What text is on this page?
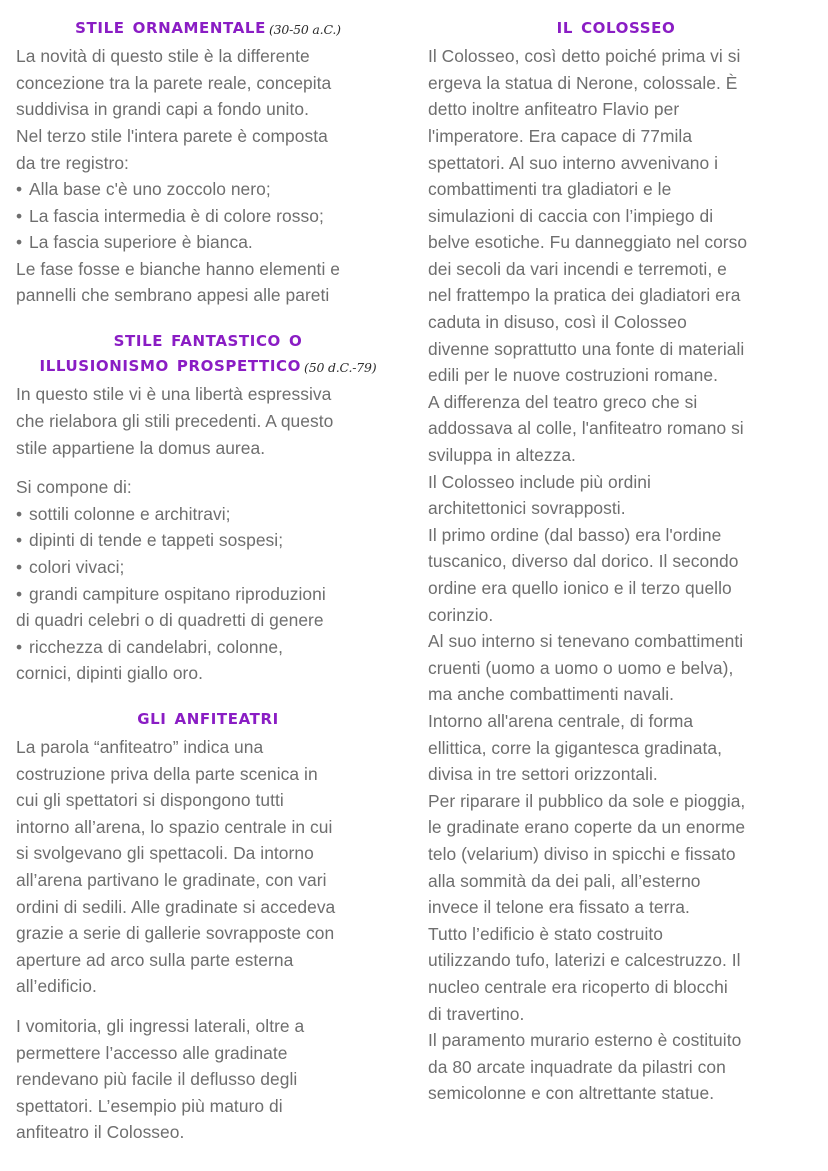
stile ornamentale (30-50 a.C.)
La novità di questo stile è la differente
concezione tra la parete reale, concepita
suddivisa in grandi capi a fondo unito.
Nel terzo stile l'intera parete è composta
da tre registro:
• Alla base c'è uno zoccolo nero;
• La fascia intermedia è di colore rosso;
• La fascia superiore è bianca.
Le fase fosse e bianche hanno elementi e
pannelli che sembrano appesi alle pareti
stile fantastico o
illusionismo prospettico (50 d.C.-79)
In questo stile vi è una libertà espressiva
che rielabora gli stili precedenti. A questo
stile appartiene la domus aurea.
Si compone di:
• sottili colonne e architravi;
• dipinti di tende e tappeti sospesi;
• colori vivaci;
• grandi campiture ospitano riproduzioni
di quadri celebri o di quadretti di genere
• ricchezza di candelabri, colonne,
cornici, dipinti giallo oro.
gli anfiteatri
La parola “anfiteatro” indica una
costruzione priva della parte scenica in
cui gli spettatori si dispongono tutti
intorno all’arena, lo spazio centrale in cui
si svolgevano gli spettacoli. Da intorno
all’arena partivano le gradinate, con vari
ordini di sedili. Alle gradinate si accedeva
grazie a serie di gallerie sovrapposte con
aperture ad arco sulla parte esterna
all’edificio.
I vomitoria, gli ingressi laterali, oltre a
permettere l’accesso alle gradinate
rendevano più facile il deflusso degli
spettatori. L’esempio più maturo di
anfiteatro il Colosseo.
il colosseo
Il Colosseo, così detto poiché prima vi si
ergeva la statua di Nerone, colossale. È
detto inoltre anfiteatro Flavio per
l'imperatore. Era capace di 77mila
spettatori. Al suo interno avvenivano i
combattimenti tra gladiatori e le
simulazioni di caccia con l’impiego di
belve esotiche. Fu danneggiato nel corso
dei secoli da vari incendi e terremoti, e
nel frattempo la pratica dei gladiatori era
caduta in disuso, così il Colosseo
divenne soprattutto una fonte di materiali
edili per le nuove costruzioni romane.
A differenza del teatro greco che si
addossava al colle, l'anfiteatro romano si
sviluppa in altezza.
Il Colosseo include più ordini
architettonici sovrapposti.
Il primo ordine (dal basso) era l'ordine
tuscanico, diverso dal dorico. Il secondo
ordine era quello ionico e il terzo quello
corinzio.
Al suo interno si tenevano combattimenti
cruenti (uomo a uomo o uomo e belva),
ma anche combattimenti navali.
Intorno all'arena centrale, di forma
ellittica, corre la gigantesca gradinata,
divisa in tre settori orizzontali.
Per riparare il pubblico da sole e pioggia,
le gradinate erano coperte da un enorme
telo (velarium) diviso in spicchi e fissato
alla sommità da dei pali, all’esterno
invece il telone era fissato a terra.
Tutto l’edificio è stato costruito
utilizzando tufo, laterizi e calcestruzzo. Il
nucleo centrale era ricoperto di blocchi
di travertino.
Il paramento murario esterno è costituito
da 80 arcate inquadrate da pilastri con
semicolonne e con altrettante statue.
